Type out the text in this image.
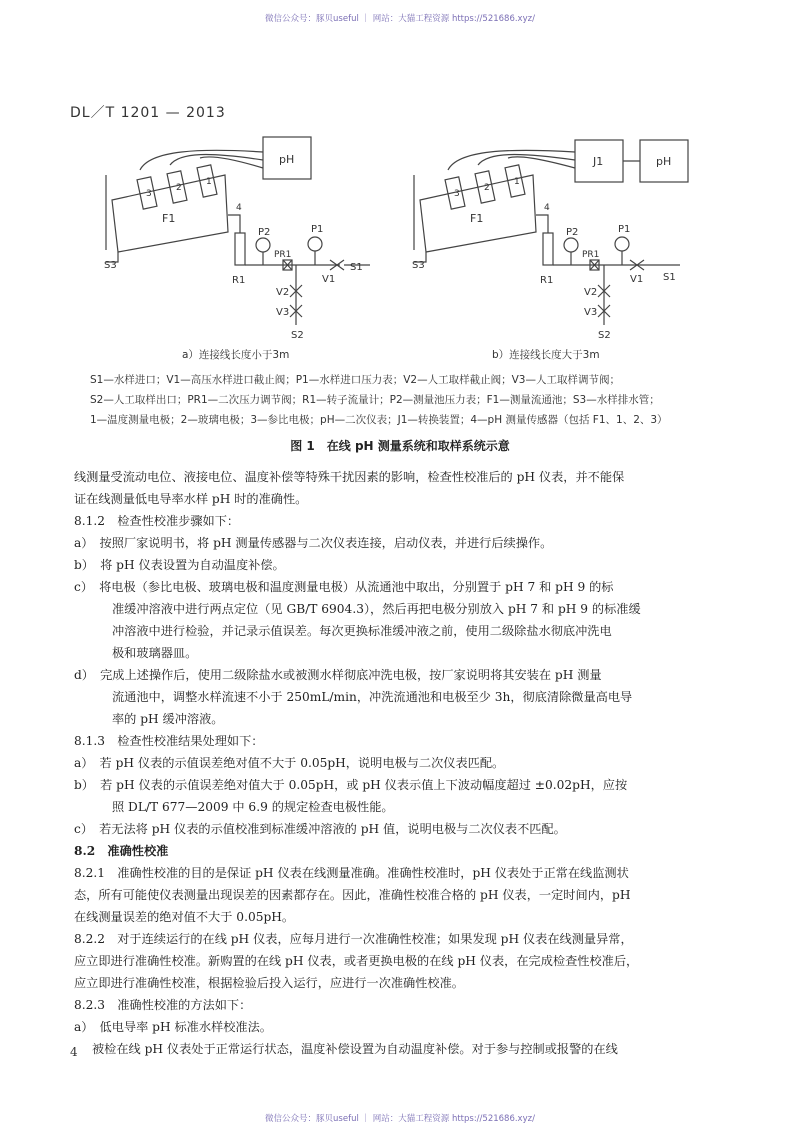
微信公众号：豚贝useful ｜ 网站：大猫工程资源 https://521686.xyz/
DL／T 1201 — 2013
pH
F1
S3	S1
S2
R1
P1
P2
PR1
V1
V2
V3
3
2
1
4
J1	pH
F1
S3
S1
S2
R1
P1
P2
PR1
V1
V2
V3
3
2
1
4
a）连接线长度小于3m	b）连接线长度大于3m
S1—水样进口；V1—高压水样进口截止阀；P1—水样进口压力表；V2—人工取样截止阀；V3—人工取样调节阀；
S2—人工取样出口；PR1—二次压力调节阀；R1—转子流量计；P2—测量池压力表；F1—测量流通池；S3—水样排水管；
1—温度测量电极；2—玻璃电极；3—参比电极；pH—二次仪表；J1—转换装置；4—pH 测量传感器（包括 F1、1、2、3）
图 1　在线 pH 测量系统和取样系统示意
线测量受流动电位、液接电位、温度补偿等特殊干扰因素的影响，检查性校准后的 pH 仪表，并不能保
证在线测量低电导率水样 pH 时的准确性。
8.1.2　检查性校准步骤如下：
a）　按照厂家说明书，将 pH 测量传感器与二次仪表连接，启动仪表，并进行后续操作。
b）　将 pH 仪表设置为自动温度补偿。
c）　将电极（参比电极、玻璃电极和温度测量电极）从流通池中取出，分别置于 pH 7 和 pH 9 的标
准缓冲溶液中进行两点定位（见 GB/T 6904.3），然后再把电极分别放入 pH 7 和 pH 9 的标准缓
冲溶液中进行检验，并记录示值误差。每次更换标准缓冲液之前，使用二级除盐水彻底冲洗电
极和玻璃器皿。
d）　完成上述操作后，使用二级除盐水或被测水样彻底冲洗电极，按厂家说明将其安装在 pH 测量
流通池中，调整水样流速不小于 250mL/min，冲洗流通池和电极至少 3h，彻底清除微量高电导
率的 pH 缓冲溶液。
8.1.3　检查性校准结果处理如下：
a）　若 pH 仪表的示值误差绝对值不大于 0.05pH，说明电极与二次仪表匹配。
b）　若 pH 仪表的示值误差绝对值大于 0.05pH，或 pH 仪表示值上下波动幅度超过 ±0.02pH，应按
照 DL/T 677—2009 中 6.9 的规定检查电极性能。
c）　若无法将 pH 仪表的示值校准到标准缓冲溶液的 pH 值，说明电极与二次仪表不匹配。
8.2　准确性校准
8.2.1　准确性校准的目的是保证 pH 仪表在线测量准确。准确性校准时，pH 仪表处于正常在线监测状
态，所有可能使仪表测量出现误差的因素都存在。因此，准确性校准合格的 pH 仪表，一定时间内，pH
在线测量误差的绝对值不大于 0.05pH。
8.2.2　对于连续运行的在线 pH 仪表，应每月进行一次准确性校准；如果发现 pH 仪表在线测量异常，
应立即进行准确性校准。新购置的在线 pH 仪表，或者更换电极的在线 pH 仪表，在完成检查性校准后，
应立即进行准确性校准，根据检验后投入运行，应进行一次准确性校准。
8.2.3　准确性校准的方法如下：
a）　低电导率 pH 标准水样校准法。
被检在线 pH 仪表处于正常运行状态，温度补偿设置为自动温度补偿。对于参与控制或报警的在线
4
微信公众号：豚贝useful ｜ 网站：大猫工程资源 https://521686.xyz/
